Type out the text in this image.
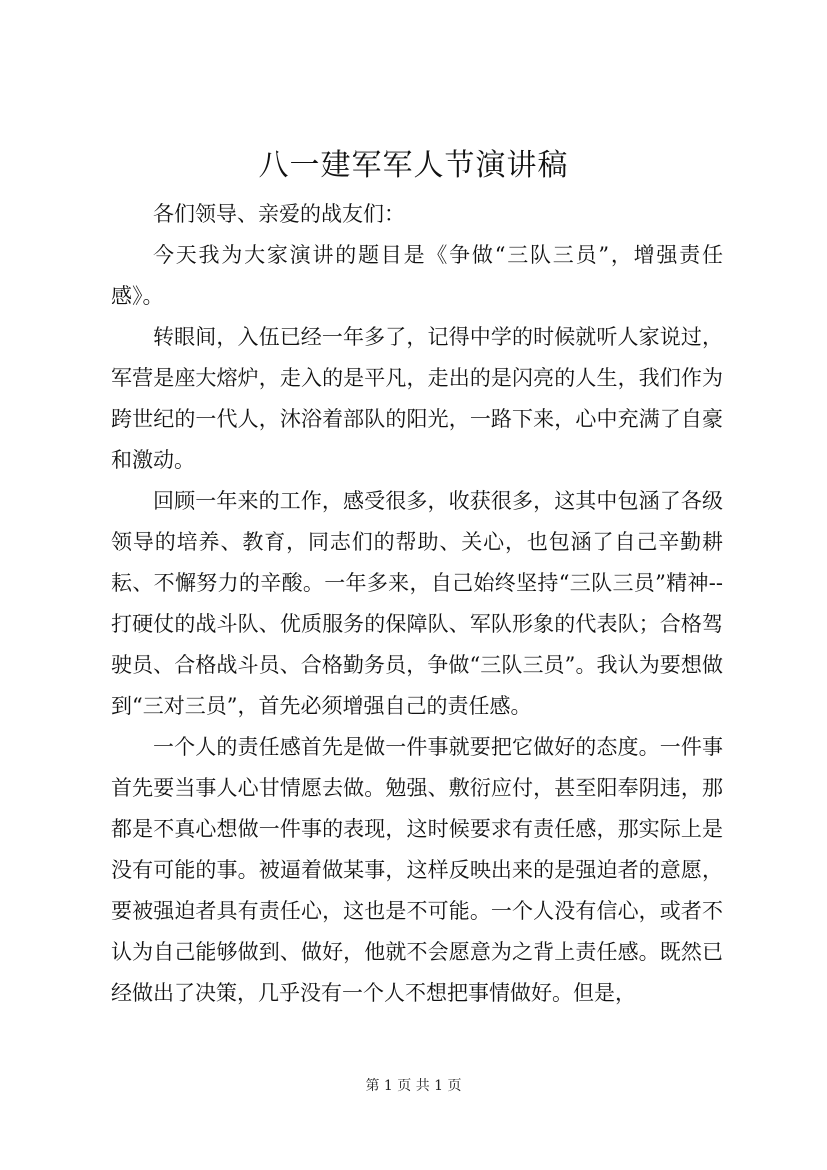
八一建军军人节演讲稿

各们领导、亲爱的战友们：

今天我为大家演讲的题目是《争做“三队三员”，增强责任感》。

转眼间，入伍已经一年多了，记得中学的时候就听人家说过，军营是座大熔炉，走入的是平凡，走出的是闪亮的人生，我们作为跨世纪的一代人，沐浴着部队的阳光，一路下来，心中充满了自豪和激动。

回顾一年来的工作，感受很多，收获很多，这其中包涵了各级领导的培养、教育，同志们的帮助、关心，也包涵了自己辛勤耕耘、不懈努力的辛酸。一年多来，自己始终坚持“三队三员”精神--打硬仗的战斗队、优质服务的保障队、军队形象的代表队；合格驾驶员、合格战斗员、合格勤务员，争做“三队三员”。我认为要想做到“三对三员”，首先必须增强自己的责任感。

一个人的责任感首先是做一件事就要把它做好的态度。一件事首先要当事人心甘情愿去做。勉强、敷衍应付，甚至阳奉阴违，那都是不真心想做一件事的表现，这时候要求有责任感，那实际上是没有可能的事。被逼着做某事，这样反映出来的是强迫者的意愿，要被强迫者具有责任心，这也是不可能。一个人没有信心，或者不认为自己能够做到、做好，他就不会愿意为之背上责任感。既然已经做出了决策，几乎没有一个人不想把事情做好。但是，

第 1 页 共 1 页
